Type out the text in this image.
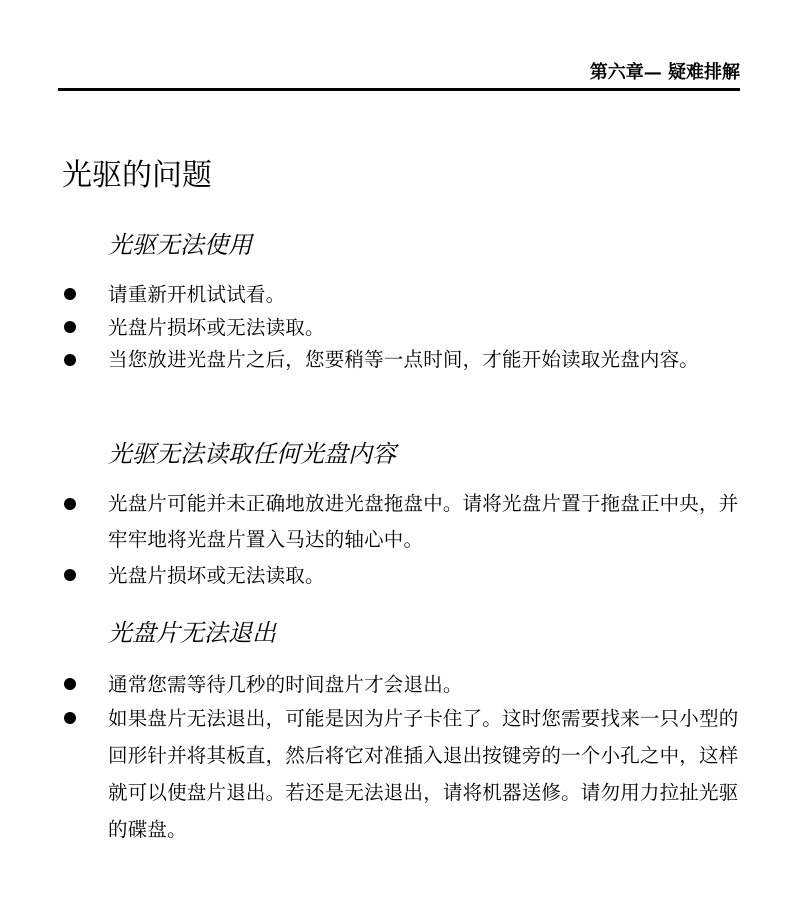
第六章— 疑难排解
光驱的问题
光驱无法使用
请重新开机试试看。
光盘片损坏或无法读取。
当您放进光盘片之后，您要稍等一点时间，才能开始读取光盘内容。
光驱无法读取任何光盘内容
光盘片可能并未正确地放进光盘拖盘中。请将光盘片置于拖盘正中央，并牢牢地将光盘片置入马达的轴心中。
光盘片损坏或无法读取。
光盘片无法退出
通常您需等待几秒的时间盘片才会退出。
如果盘片无法退出，可能是因为片子卡住了。这时您需要找来一只小型的回形针并将其板直，然后将它对准插入退出按键旁的一个小孔之中，这样就可以使盘片退出。若还是无法退出，请将机器送修。请勿用力拉扯光驱的碟盘。
